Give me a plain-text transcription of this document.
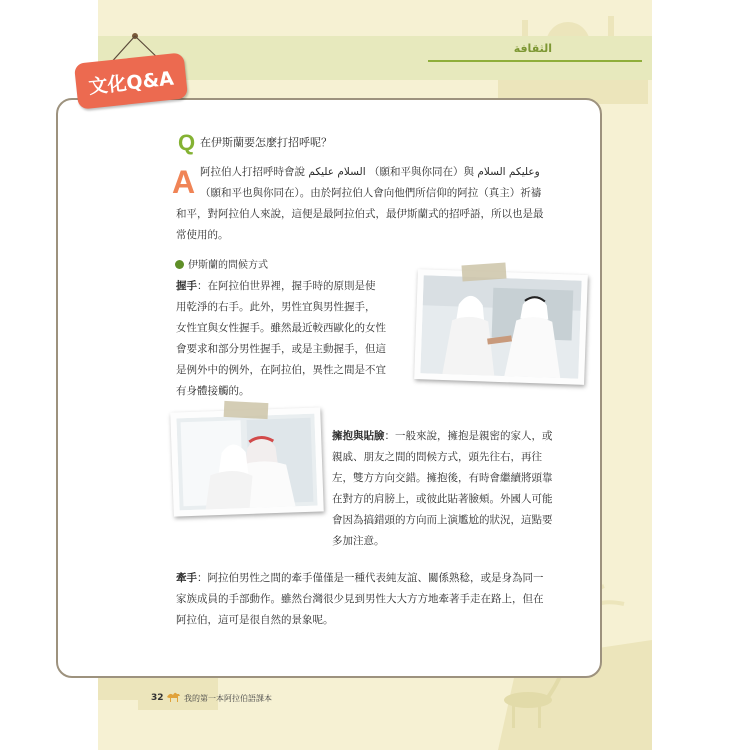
الثقافة
文化Q&A
Q 在伊斯蘭要怎麼打招呼呢？
A 阿拉伯人打招呼時會說 السلام عليكم （願和平與你同在）與 وعليكم السلام
（願和平也與你同在）。由於阿拉伯人會向他們所信仰的阿拉（真主）祈禱
和平，對阿拉伯人來說，這便是最阿拉伯式，最伊斯蘭式的招呼語，所以也是最
常使用的。
伊斯蘭的問候方式
握手：在阿拉伯世界裡，握手時的原則是使
用乾淨的右手。此外，男性宜與男性握手，
女性宜與女性握手。雖然最近較西歐化的女性
會要求和部分男性握手，或是主動握手，但這
是例外中的例外，在阿拉伯，異性之間是不宜
有身體接觸的。
擁抱與貼臉：一般來說，擁抱是親密的家人，或
親戚、朋友之間的問候方式，頭先往右，再往
左，雙方方向交錯。擁抱後，有時會繼續將頭靠
在對方的肩膀上，或彼此貼著臉頰。外國人可能
會因為搞錯頭的方向而上演尷尬的狀況，這點要
多加注意。
牽手：阿拉伯男性之間的牽手僅僅是一種代表純友誼、關係熟稔，或是身為同一
家族成員的手部動作。雖然台灣很少見到男性大大方方地牽著手走在路上，但在
阿拉伯，這可是很自然的景象呢。
32	我的第一本阿拉伯語課本
